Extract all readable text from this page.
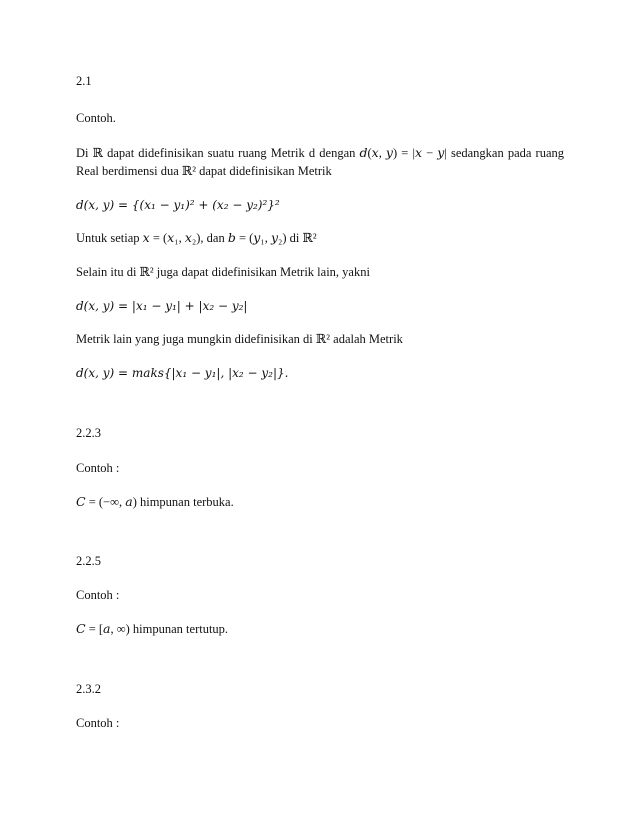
2.1
Contoh.
Di ℝ dapat didefinisikan suatu ruang Metrik d dengan 𝑑(𝑥, 𝑦) = |𝑥 − 𝑦| sedangkan pada ruang
Real berdimensi dua ℝ² dapat didefinisikan Metrik
𝑑(𝑥, 𝑦) = {(𝑥₁ − 𝑦₁)² + (𝑥₂ − 𝑦₂)²}²
Untuk setiap 𝑥 = (𝑥₁, 𝑥₂), dan 𝑏 = (𝑦₁, 𝑦₂) di ℝ²
Selain itu di ℝ² juga dapat didefinisikan Metrik lain, yakni
𝑑(𝑥, 𝑦) = |𝑥₁ − 𝑦₁| + |𝑥₂ − 𝑦₂|
Metrik lain yang juga mungkin didefinisikan di ℝ² adalah Metrik
𝑑(𝑥, 𝑦) = maks{|𝑥₁ − 𝑦₁|, |𝑥₂ − 𝑦₂|}.
2.2.3
Contoh :
𝐶 = (−∞, 𝑎) himpunan terbuka.
2.2.5
Contoh :
𝐶 = [𝑎, ∞) himpunan tertutup.
2.3.2
Contoh :
